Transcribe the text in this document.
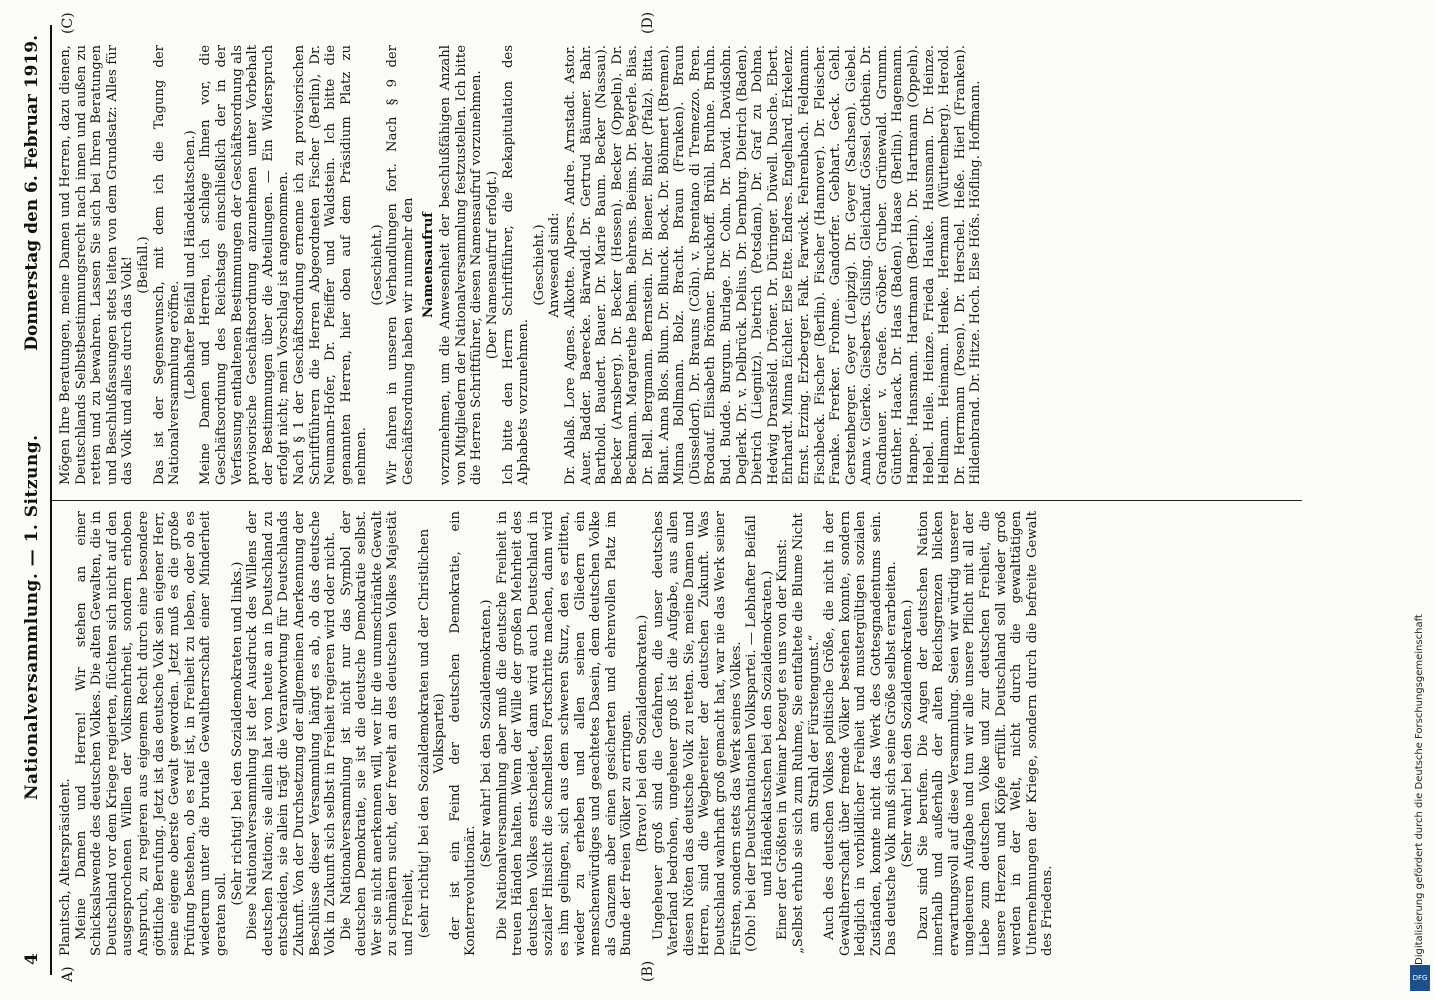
4
Nationalversammlung. — 1. Sitzung.
Donnerstag den 6. Februar 1919.
A)	(B)
(C)	(D)

Planitsch, Alterspräsident. Meine Damen und Herren! Wir stehen an einer Schicksalswende des deutschen Volkes. Die alten Gewalten, die in Deutschland vor dem Kriege regierten, flüchten sich nicht auf den ausgesprochenen Willen der Volksmehrheit, sondern erhoben Anspruch, zu regieren aus eigenem Recht durch eine besondere göttliche Berufung. Jetzt ist das deutsche Volk sein eigener Herr, seine eigene oberste Gewalt geworden. Jetzt muß es die große Prüfung bestehen, ob es reif ist, in Freiheit zu leben, oder ob es wiederum unter die brutale Gewaltherrschaft einer Minderheit geraten soll.

(Sehr richtig! bei den Sozialdemokraten und links.) Diese Nationalversammlung ist der Ausdruck des Willens der deutschen Nation; sie allein hat von heute an in Deutschland zu entscheiden, sie allein trägt die Verantwortung für Deutschlands Zukunft. Von der Durchsetzung der allgemeinen Anerkennung der Beschlüsse dieser Versammlung hängt es ab, ob das deutsche Volk in Zukunft sich selbst in Freiheit regieren wird oder nicht. Die Nationalversammlung ist nicht nur das Symbol der deutschen Demokratie, sie ist die deutsche Demokratie selbst. Wer sie nicht anerkennen will, wer ihr die unumschränkte Gewalt zu schmälern sucht, der frevelt an des deutschen Volkes Majestät und Freiheit, (sehr richtig! bei den Sozialdemokraten und der Christlichen Volkspartei) der ist ein Feind der deutschen Demokratie, ein Konterrevolutionär.

(Sehr wahr! bei den Sozialdemokraten.) Die Nationalversammlung aber muß die deutsche Freiheit in treuen Händen halten. Wenn der Wille der großen Mehrheit des deutschen Volkes entscheidet, dann wird auch Deutschland in sozialer Hinsicht die schnellsten Fortschritte machen, dann wird es ihm gelingen, sich aus dem schweren Sturz, den es erlitten, wieder zu erheben und allen seinen Gliedern ein menschenwürdiges und geachtetes Dasein, dem deutschen Volke als Ganzem aber einen gesicherten und ehrenvollen Platz im Bunde der freien Völker zu erringen. (Bravo! bei den Sozialdemokraten.) Ungeheuer groß sind die Gefahren, die unser deutsches Vaterland bedrohen, ungeheuer groß ist die Aufgabe, aus allen diesen Nöten das deutsche Volk zu retten. Sie, meine Damen und Herren, sind die Wegbereiter der deutschen Zukunft. Was Deutschland wahrhaft groß gemacht hat, war nie das Werk seiner Fürsten, sondern stets das Werk seines Volkes. (Oho! bei der Deutschnationalen Volkspartei. — Lebhafter Beifall und Händeklatschen bei den Sozialdemokraten.) Einer der Größten in Weimar bezeugt es uns von der Kunst: „Selbst erhub sie sich zum Ruhme, Sie entfaltete die Blume Nicht am Strahl der Fürstengunst.“ Auch des deutschen Volkes politische Größe, die nicht in der Gewaltherrschaft über fremde Völker bestehen konnte, sondern lediglich in vorbildlicher Freiheit und mustergültigen sozialen Zuständen, konnte nicht das Werk des Gottesgnadentums sein. Das deutsche Volk muß sich seine Größe selbst erarbeiten. (Sehr wahr! bei den Sozialdemokraten.) Dazu sind Sie berufen. Die Augen der deutschen Nation innerhalb und außerhalb der alten Reichsgrenzen blicken erwartungsvoll auf diese Versammlung. Seien wir würdig unserer ungeheuren Aufgabe und tun wir alle unsere Pflicht mit all der Liebe zum deutschen Volke und zur deutschen Freiheit, die unsere Herzen und Köpfe erfüllt. Deutschland soll wieder groß werden in der Welt, nicht durch die gewalttätigen Unternehmungen der Kriege, sondern durch die befreite Gewalt des Friedens.

Mögen Ihre Beratungen, meine Damen und Herren, dazu dienen, Deutschlands Selbstbestimmungsrecht nach innen und außen zu retten und zu bewahren. Lassen Sie sich bei Ihren Beratungen und Beschlußfassungen stets leiten von dem Grundsatz: Alles für das Volk und alles durch das Volk! (Beifall.) Das ist der Segenswunsch, mit dem ich die Tagung der Nationalversammlung eröffne. (Lebhafter Beifall und Händeklatschen.) Meine Damen und Herren, ich schlage Ihnen vor, die Geschäftsordnung des Reichstags einschließlich der in der Verfassung enthaltenen Bestimmungen der Geschäftsordnung als provisorische Geschäftsordnung anzunehmen unter Vorbehalt der Bestimmungen über die Abteilungen. — Ein Widerspruch erfolgt nicht; mein Vorschlag ist angenommen. Nach § 1 der Geschäftsordnung ernenne ich zu provisorischen Schriftführern die Herren Abgeordneten Fischer (Berlin), Dr. Neumann-Hofer, Dr. Pfeiffer und Waldstein. Ich bitte die genannten Herren, hier oben auf dem Präsidium Platz zu nehmen.

(Geschieht.) Wir fahren in unseren Verhandlungen fort. Nach § 9 der Geschäftsordnung haben wir nunmehr den Namensaufruf vorzunehmen, um die Anwesenheit der beschlußfähigen Anzahl von Mitgliedern der Nationalversammlung festzustellen. Ich bitte die Herren Schriftführer, diesen Namensaufruf vorzunehmen. (Der Namensaufruf erfolgt.) Ich bitte den Herrn Schriftführer, die Rekapitulation des Alphabets vorzunehmen.

(Geschieht.) Anwesend sind: Dr. Ablaß. Lore Agnes. Alkotte. Alpers. Andre. Arnstadt. Astor. Auer. Badder. Baerecke. Bärwald. Dr. Gertrud Bäumer. Bahr. Barthold. Baudert. Bauer. Dr. Marie Baum. Becker (Nassau). Becker (Arnsberg). Dr. Becker (Hessen). Becker (Oppeln). Dr. Beckmann. Margarethe Behm. Behrens. Beims. Dr. Beyerle. Bias. Dr. Bell. Bergmann. Bernstein. Dr. Biener. Binder (Pfalz). Bitta. Blant. Anna Blos. Blum. Dr. Blunck. Bock. Dr. Böhmert (Bremen). Minna Bollmann. Bolz. Bracht. Braun (Franken). Braun (Düsseldorf). Dr. Brauns (Cöln). v. Brentano di Tremezzo. Bren. Brodauf. Elisabeth Brönner. Bruckhoff. Brühl. Bruhne. Bruhn. Bud. Budde. Burgun. Burlage. Dr. Cohn. Dr. David. Davidsohn. Deglerk. Dr. v. Delbrück. Delius. Dr. Dernburg. Dietrich (Baden). Dietrich (Liegnitz). Dietrich (Potsdam). Dr. Graf zu Dohna. Hedwig Dransfeld. Dröner. Dr. Düringer. Düwell. Dusche. Ebert. Ehrhardt. Minna Eichler. Else Ette. Endres. Engelhard. Erkelenz. Ernst. Erzing. Erzberger. Falk. Farwick. Fehrenbach. Feldmann. Fischbeck. Fischer (Berlin). Fischer (Hannover). Dr. Fleischer. Franke. Frerker. Frohme. Gandorfer. Gebhart. Geck. Gehl. Gerstenberger. Geyer (Leipzig). Dr. Geyer (Sachsen). Giebel. Anna v. Gierke. Giesberts. Gilsing. Gleichauf. Gössel. Gothein. Dr. Gradnauer. v. Graefe. Gröber. Gruber. Grünewald. Grumm. Günther. Haack. Dr. Haas (Baden). Haase (Berlin). Hagemann. Hampe. Hansmann. Hartmann (Berlin). Dr. Hartmann (Oppeln). Hebel. Heile. Heinze. Frieda Hauke. Hausmann. Dr. Heinze. Hellmann. Heimann. Henke. Hermann (Württemberg). Herold. Dr. Herrmann (Posen). Dr. Herschel. Heße. Hierl (Franken). Hildenbrand. Dr. Hitze. Hoch. Else Höfs. Höfling. Hoffmann.

Digitalisierung gefördert durch die Deutsche Forschungsgemeinschaft
DFG
